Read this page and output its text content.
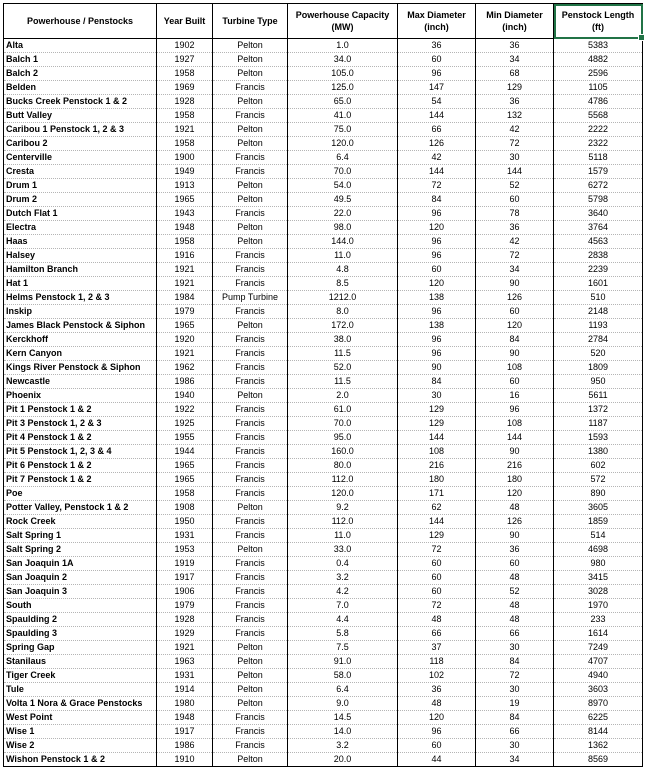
Powerhouse / Penstocks	Year Built	Turbine Type	Powerhouse Capacity (MW)	Max Diameter (inch)	Min Diameter (inch)	Penstock Length (ft)

Alta	1902	Pelton	1.0	36	36	5383
Balch 1	1927	Pelton	34.0	60	34	4882
Balch 2	1958	Pelton	105.0	96	68	2596
Belden	1969	Francis	125.0	147	129	1105
Bucks Creek Penstock 1 & 2	1928	Pelton	65.0	54	36	4786
Butt Valley	1958	Francis	41.0	144	132	5568
Caribou 1 Penstock 1, 2 & 3	1921	Pelton	75.0	66	42	2222
Caribou 2	1958	Pelton	120.0	126	72	2322
Centerville	1900	Francis	6.4	42	30	5118
Cresta	1949	Francis	70.0	144	144	1579
Drum 1	1913	Pelton	54.0	72	52	6272
Drum 2	1965	Pelton	49.5	84	60	5798
Dutch Flat 1	1943	Francis	22.0	96	78	3640
Electra	1948	Pelton	98.0	120	36	3764
Haas	1958	Pelton	144.0	96	42	4563
Halsey	1916	Francis	11.0	96	72	2838
Hamilton Branch	1921	Francis	4.8	60	34	2239
Hat 1	1921	Francis	8.5	120	90	1601
Helms Penstock 1, 2 & 3	1984	Pump Turbine	1212.0	138	126	510
Inskip	1979	Francis	8.0	96	60	2148
James Black Penstock & Siphon	1965	Pelton	172.0	138	120	1193
Kerckhoff	1920	Francis	38.0	96	84	2784
Kern Canyon	1921	Francis	11.5	96	90	520
Kings River Penstock & Siphon	1962	Francis	52.0	90	108	1809
Newcastle	1986	Francis	11.5	84	60	950
Phoenix	1940	Pelton	2.0	30	16	5611
Pit 1 Penstock 1 & 2	1922	Francis	61.0	129	96	1372
Pit 3 Penstock 1, 2 & 3	1925	Francis	70.0	129	108	1187
Pit 4 Penstock 1 & 2	1955	Francis	95.0	144	144	1593
Pit 5 Penstock 1, 2, 3 & 4	1944	Francis	160.0	108	90	1380
Pit 6 Penstock 1 & 2	1965	Francis	80.0	216	216	602
Pit 7 Penstock 1 & 2	1965	Francis	112.0	180	180	572
Poe	1958	Francis	120.0	171	120	890
Potter Valley, Penstock 1 & 2	1908	Pelton	9.2	62	48	3605
Rock Creek	1950	Francis	112.0	144	126	1859
Salt Spring 1	1931	Francis	11.0	129	90	514
Salt Spring 2	1953	Pelton	33.0	72	36	4698
San Joaquin 1A	1919	Francis	0.4	60	60	980
San Joaquin 2	1917	Francis	3.2	60	48	3415
San Joaquin 3	1906	Francis	4.2	60	52	3028
South	1979	Francis	7.0	72	48	1970
Spaulding 2	1928	Francis	4.4	48	48	233
Spaulding 3	1929	Francis	5.8	66	66	1614
Spring Gap	1921	Pelton	7.5	37	30	7249
Stanilaus	1963	Pelton	91.0	118	84	4707
Tiger Creek	1931	Pelton	58.0	102	72	4940
Tule	1914	Pelton	6.4	36	30	3603
Volta 1 Nora & Grace Penstocks	1980	Pelton	9.0	48	19	8970
West Point	1948	Francis	14.5	120	84	6225
Wise 1	1917	Francis	14.0	96	66	8144
Wise 2	1986	Francis	3.2	60	30	1362
Wishon Penstock 1 & 2	1910	Pelton	20.0	44	34	8569
